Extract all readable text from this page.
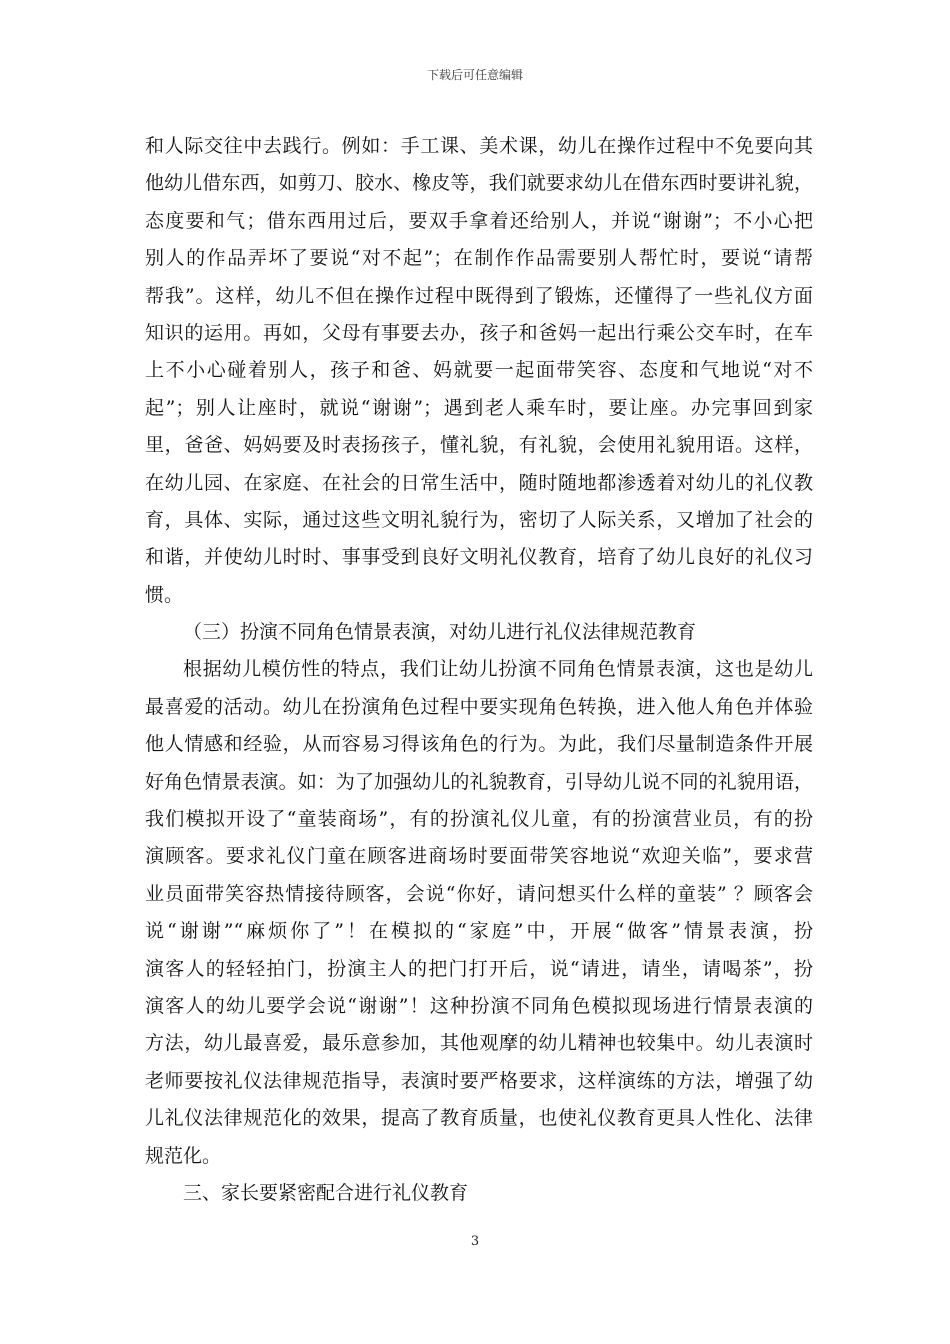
下载后可任意编辑
和人际交往中去践行。例如：手工课、美术课，幼儿在操作过程中不免要向其
他幼儿借东西，如剪刀、胶水、橡皮等，我们就要求幼儿在借东西时要讲礼貌，
态度要和气；借东西用过后，要双手拿着还给别人，并说“谢谢”；不小心把
别人的作品弄坏了要说“对不起”；在制作作品需要别人帮忙时，要说“请帮
帮我”。这样，幼儿不但在操作过程中既得到了锻炼，还懂得了一些礼仪方面
知识的运用。再如，父母有事要去办，孩子和爸妈一起出行乘公交车时，在车
上不小心碰着别人，孩子和爸、妈就要一起面带笑容、态度和气地说“对不
起”；别人让座时，就说“谢谢”；遇到老人乘车时，要让座。办完事回到家
里，爸爸、妈妈要及时表扬孩子，懂礼貌，有礼貌，会使用礼貌用语。这样，
在幼儿园、在家庭、在社会的日常生活中，随时随地都渗透着对幼儿的礼仪教
育，具体、实际，通过这些文明礼貌行为，密切了人际关系，又增加了社会的
和谐，并使幼儿时时、事事受到良好文明礼仪教育，培育了幼儿良好的礼仪习
惯。
（三）扮演不同角色情景表演，对幼儿进行礼仪法律规范教育
根据幼儿模仿性的特点，我们让幼儿扮演不同角色情景表演，这也是幼儿
最喜爱的活动。幼儿在扮演角色过程中要实现角色转换，进入他人角色并体验
他人情感和经验，从而容易习得该角色的行为。为此，我们尽量制造条件开展
好角色情景表演。如：为了加强幼儿的礼貌教育，引导幼儿说不同的礼貌用语，
我们模拟开设了“童装商场”，有的扮演礼仪儿童，有的扮演营业员，有的扮
演顾客。要求礼仪门童在顾客进商场时要面带笑容地说“欢迎关临”，要求营
业员面带笑容热情接待顾客，会说“你好，请问想买什么样的童装” ？顾客会
说“谢谢”“麻烦你了”！在模拟的“家庭”中，开展“做客”情景表演，扮
演客人的轻轻拍门，扮演主人的把门打开后，说“请进，请坐，请喝茶”，扮
演客人的幼儿要学会说“谢谢”！这种扮演不同角色模拟现场进行情景表演的
方法，幼儿最喜爱，最乐意参加，其他观摩的幼儿精神也较集中。幼儿表演时
老师要按礼仪法律规范指导，表演时要严格要求，这样演练的方法，增强了幼
儿礼仪法律规范化的效果，提高了教育质量，也使礼仪教育更具人性化、法律
规范化。
三、家长要紧密配合进行礼仪教育
3
